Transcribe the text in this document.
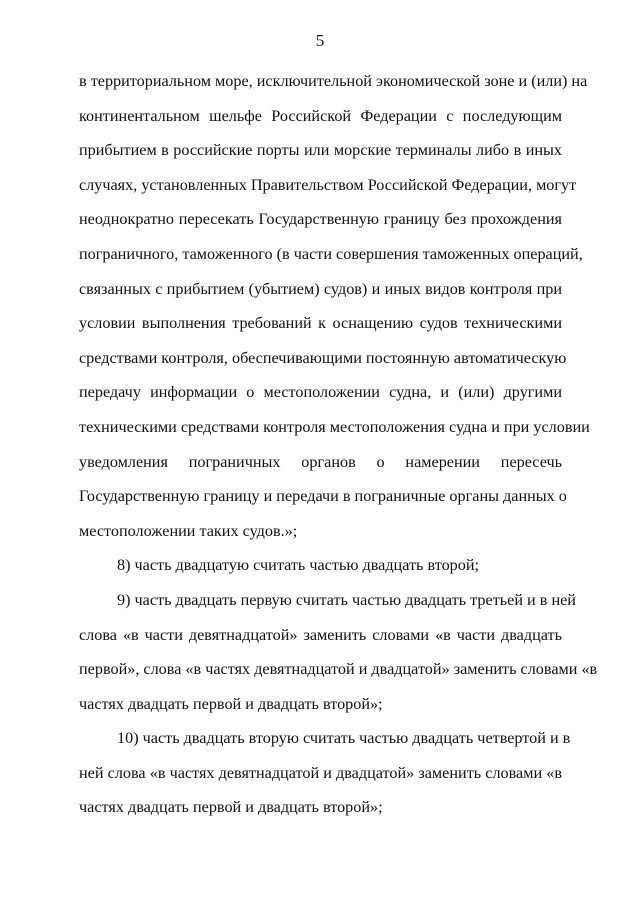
5
в территориальном море, исключительной экономической зоне и (или) на
континентальном шельфе Российской Федерации с последующим
прибытием в российские порты или морские терминалы либо в иных
случаях, установленных Правительством Российской Федерации, могут
неоднократно пересекать Государственную границу без прохождения
пограничного, таможенного (в части совершения таможенных операций,
связанных с прибытием (убытием) судов) и иных видов контроля при
условии выполнения требований к оснащению судов техническими
средствами контроля, обеспечивающими постоянную автоматическую
передачу информации о местоположении судна, и (или) другими
техническими средствами контроля местоположения судна и при условии
уведомления пограничных органов о намерении пересечь
Государственную границу и передачи в пограничные органы данных о
местоположении таких судов.»;
8) часть двадцатую считать частью двадцать второй;
9) часть двадцать первую считать частью двадцать третьей и в ней
слова «в части девятнадцатой» заменить словами «в части двадцать
первой», слова «в частях девятнадцатой и двадцатой» заменить словами «в
частях двадцать первой и двадцать второй»;
10) часть двадцать вторую считать частью двадцать четвертой и в
ней слова «в частях девятнадцатой и двадцатой» заменить словами «в
частях двадцать первой и двадцать второй»;
